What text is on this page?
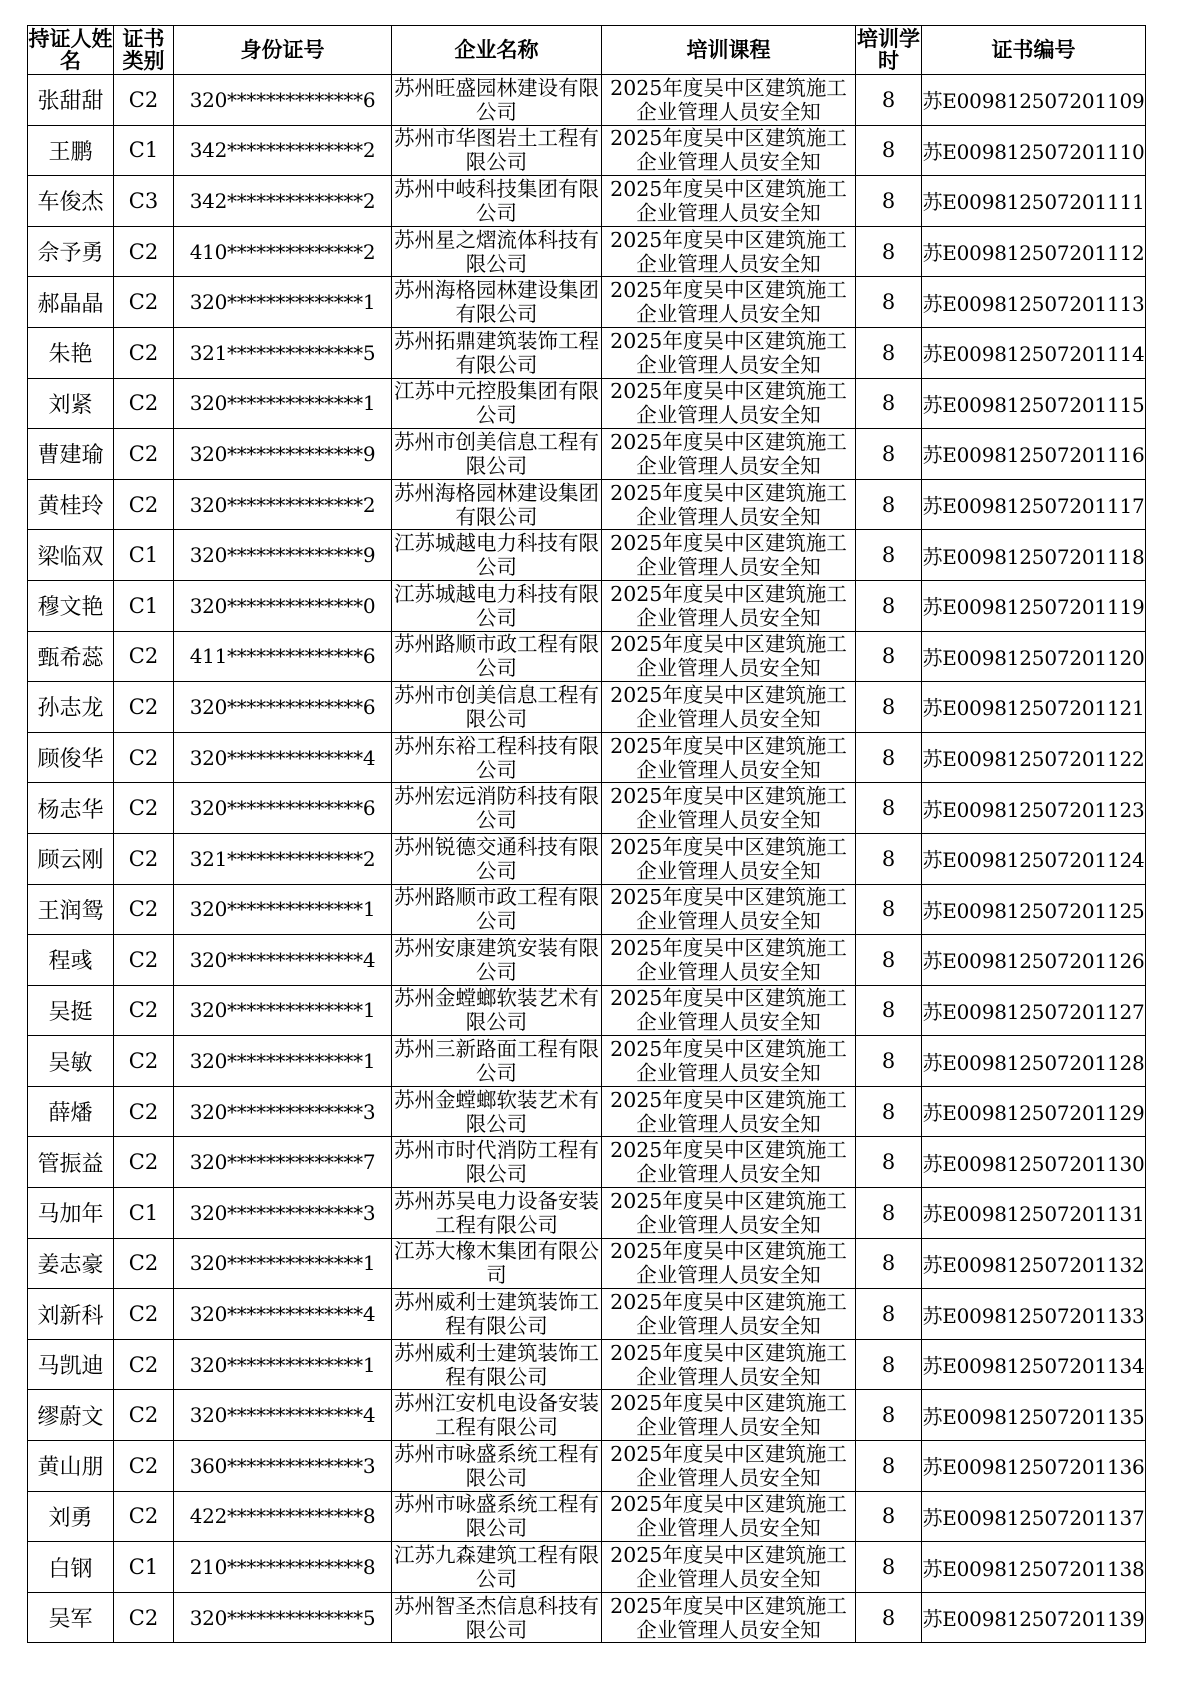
持证人姓名	证书类别	身份证号	企业名称	培训课程	培训学时	证书编号
张甜甜	C2	320**************6	苏州旺盛园林建设有限公司	2025年度吴中区建筑施工企业管理人员安全知	8	苏E009812507201109
王鹏	C1	342**************2	苏州市华图岩土工程有限公司	2025年度吴中区建筑施工企业管理人员安全知	8	苏E009812507201110
车俊杰	C3	342**************2	苏州中岐科技集团有限公司	2025年度吴中区建筑施工企业管理人员安全知	8	苏E009812507201111
佘予勇	C2	410**************2	苏州星之熠流体科技有限公司	2025年度吴中区建筑施工企业管理人员安全知	8	苏E009812507201112
郝晶晶	C2	320**************1	苏州海格园林建设集团有限公司	2025年度吴中区建筑施工企业管理人员安全知	8	苏E009812507201113
朱艳	C2	321**************5	苏州拓鼎建筑装饰工程有限公司	2025年度吴中区建筑施工企业管理人员安全知	8	苏E009812507201114
刘紧	C2	320**************1	江苏中元控股集团有限公司	2025年度吴中区建筑施工企业管理人员安全知	8	苏E009812507201115
曹建瑜	C2	320**************9	苏州市创美信息工程有限公司	2025年度吴中区建筑施工企业管理人员安全知	8	苏E009812507201116
黄桂玲	C2	320**************2	苏州海格园林建设集团有限公司	2025年度吴中区建筑施工企业管理人员安全知	8	苏E009812507201117
梁临双	C1	320**************9	江苏城越电力科技有限公司	2025年度吴中区建筑施工企业管理人员安全知	8	苏E009812507201118
穆文艳	C1	320**************0	江苏城越电力科技有限公司	2025年度吴中区建筑施工企业管理人员安全知	8	苏E009812507201119
甄希蕊	C2	411**************6	苏州路顺市政工程有限公司	2025年度吴中区建筑施工企业管理人员安全知	8	苏E009812507201120
孙志龙	C2	320**************6	苏州市创美信息工程有限公司	2025年度吴中区建筑施工企业管理人员安全知	8	苏E009812507201121
顾俊华	C2	320**************4	苏州东裕工程科技有限公司	2025年度吴中区建筑施工企业管理人员安全知	8	苏E009812507201122
杨志华	C2	320**************6	苏州宏远消防科技有限公司	2025年度吴中区建筑施工企业管理人员安全知	8	苏E009812507201123
顾云刚	C2	321**************2	苏州锐德交通科技有限公司	2025年度吴中区建筑施工企业管理人员安全知	8	苏E009812507201124
王润鸳	C2	320**************1	苏州路顺市政工程有限公司	2025年度吴中区建筑施工企业管理人员安全知	8	苏E009812507201125
程彧	C2	320**************4	苏州安康建筑安装有限公司	2025年度吴中区建筑施工企业管理人员安全知	8	苏E009812507201126
吴挺	C2	320**************1	苏州金螳螂软装艺术有限公司	2025年度吴中区建筑施工企业管理人员安全知	8	苏E009812507201127
吴敏	C2	320**************1	苏州三新路面工程有限公司	2025年度吴中区建筑施工企业管理人员安全知	8	苏E009812507201128
薛燔	C2	320**************3	苏州金螳螂软装艺术有限公司	2025年度吴中区建筑施工企业管理人员安全知	8	苏E009812507201129
管振益	C2	320**************7	苏州市时代消防工程有限公司	2025年度吴中区建筑施工企业管理人员安全知	8	苏E009812507201130
马加年	C1	320**************3	苏州苏吴电力设备安装工程有限公司	2025年度吴中区建筑施工企业管理人员安全知	8	苏E009812507201131
姜志豪	C2	320**************1	江苏大橡木集团有限公司	2025年度吴中区建筑施工企业管理人员安全知	8	苏E009812507201132
刘新科	C2	320**************4	苏州威利士建筑装饰工程有限公司	2025年度吴中区建筑施工企业管理人员安全知	8	苏E009812507201133
马凯迪	C2	320**************1	苏州威利士建筑装饰工程有限公司	2025年度吴中区建筑施工企业管理人员安全知	8	苏E009812507201134
缪蔚文	C2	320**************4	苏州江安机电设备安装工程有限公司	2025年度吴中区建筑施工企业管理人员安全知	8	苏E009812507201135
黄山朋	C2	360**************3	苏州市咏盛系统工程有限公司	2025年度吴中区建筑施工企业管理人员安全知	8	苏E009812507201136
刘勇	C2	422**************8	苏州市咏盛系统工程有限公司	2025年度吴中区建筑施工企业管理人员安全知	8	苏E009812507201137
白钢	C1	210**************8	江苏九森建筑工程有限公司	2025年度吴中区建筑施工企业管理人员安全知	8	苏E009812507201138
吴军	C2	320**************5	苏州智圣杰信息科技有限公司	2025年度吴中区建筑施工企业管理人员安全知	8	苏E009812507201139
